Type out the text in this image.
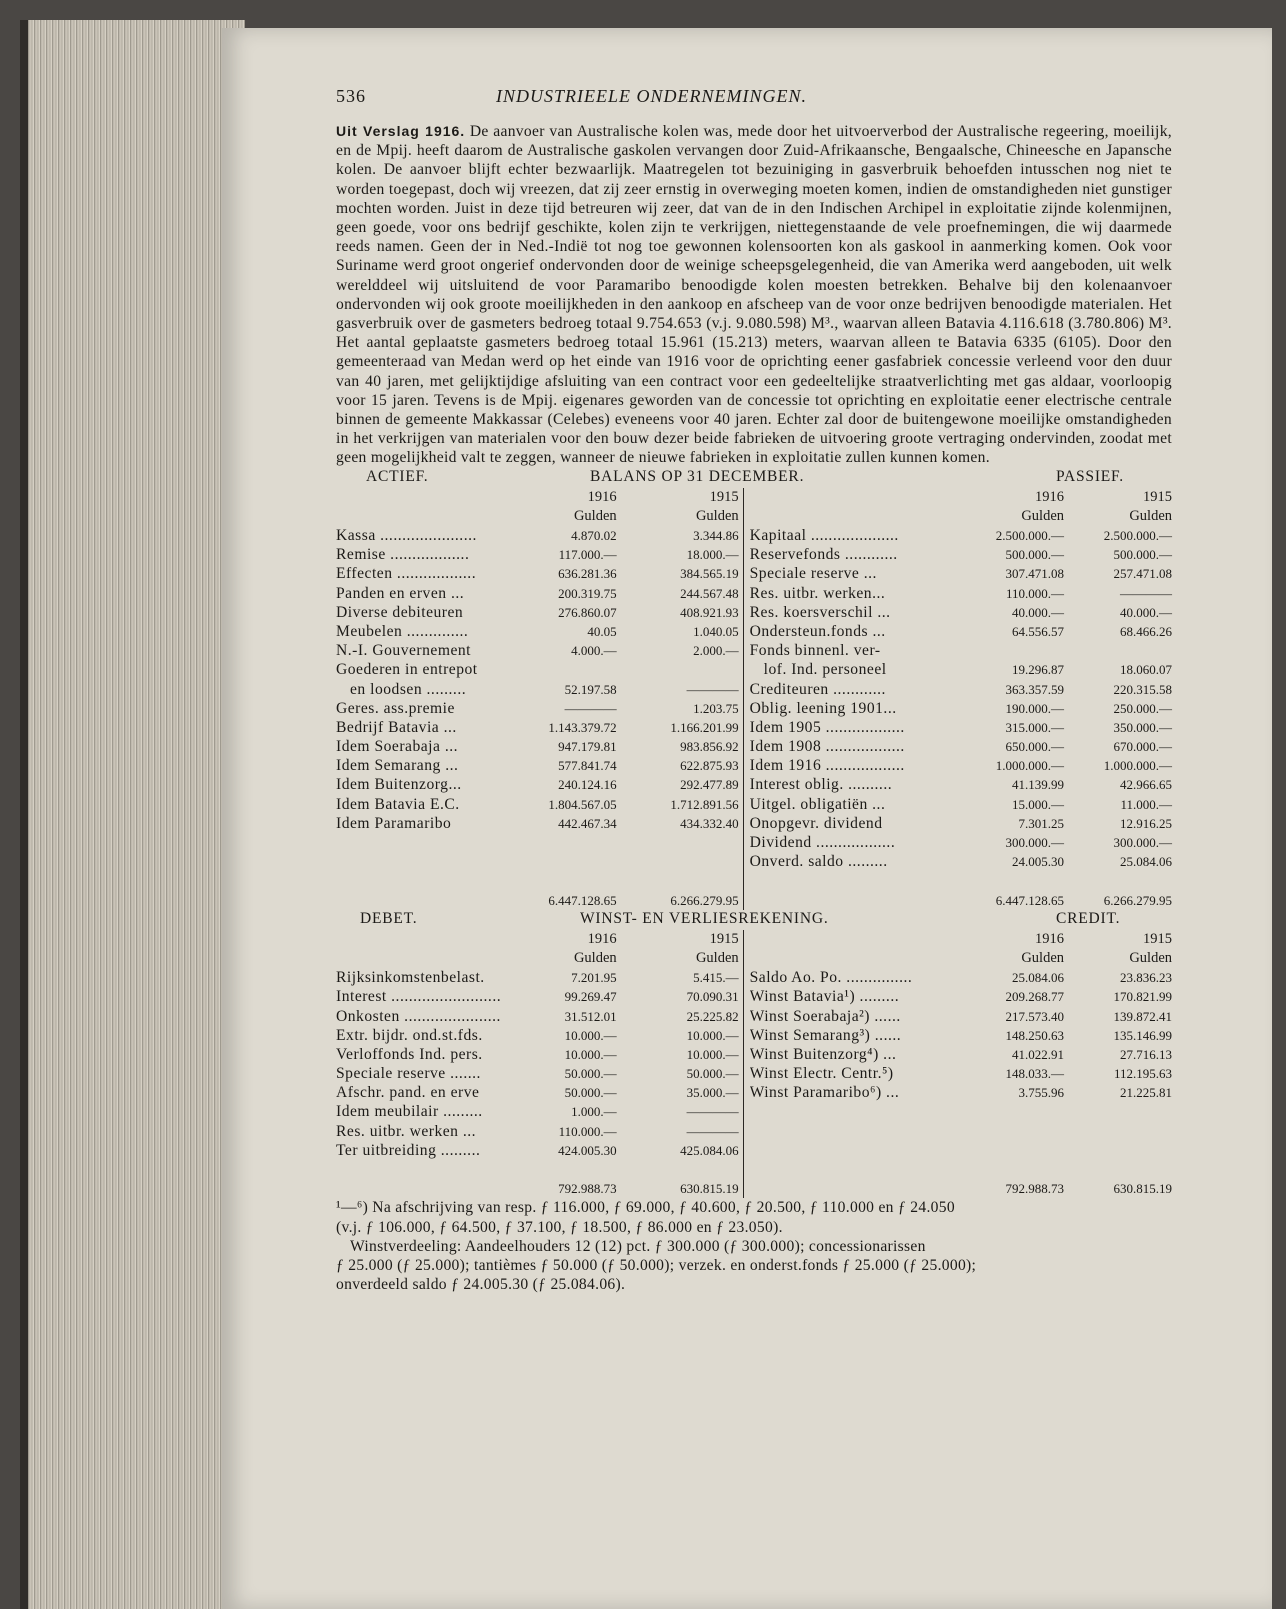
536	INDUSTRIEELE ONDERNEMINGEN.

Uit Verslag 1916. De aanvoer van Australische kolen was, mede door het uitvoerverbod der Australische regeering, moeilijk, en de Mpij. heeft daarom de Australische gaskolen vervangen door Zuid-Afrikaansche, Bengaalsche, Chineesche en Japansche kolen. De aanvoer blijft echter bezwaarlijk. Maatregelen tot bezuiniging in gasverbruik behoefden intusschen nog niet te worden toegepast, doch wij vreezen, dat zij zeer ernstig in overweging moeten komen, indien de omstandigheden niet gunstiger mochten worden. Juist in deze tijd betreuren wij zeer, dat van de in den Indischen Archipel in exploitatie zijnde kolenmijnen, geen goede, voor ons bedrijf geschikte, kolen zijn te verkrijgen, niettegenstaande de vele proefnemingen, die wij daarmede reeds namen. Geen der in Ned.-Indië tot nog toe gewonnen kolensoorten kon als gaskool in aanmerking komen. Ook voor Suriname werd groot ongerief ondervonden door de weinige scheepsgelegenheid, die van Amerika werd aangeboden, uit welk werelddeel wij uitsluitend de voor Paramaribo benoodigde kolen moesten betrekken. Behalve bij den kolenaanvoer ondervonden wij ook groote moeilijkheden in den aankoop en afscheep van de voor onze bedrijven benoodigde materialen. Het gasverbruik over de gasmeters bedroeg totaal 9.754.653 (v.j. 9.080.598) M³., waarvan alleen Batavia 4.116.618 (3.780.806) M³. Het aantal geplaatste gasmeters bedroeg totaal 15.961 (15.213) meters, waarvan alleen te Batavia 6335 (6105). Door den gemeenteraad van Medan werd op het einde van 1916 voor de oprichting eener gasfabriek concessie verleend voor den duur van 40 jaren, met gelijktijdige afsluiting van een contract voor een gedeeltelijke straatverlichting met gas aldaar, voorloopig voor 15 jaren. Tevens is de Mpij. eigenares geworden van de concessie tot oprichting en exploitatie eener electrische centrale binnen de gemeente Makkassar (Celebes) eveneens voor 40 jaren. Echter zal door de buitengewone moeilijke omstandigheden in het verkrijgen van materialen voor den bouw dezer beide fabrieken de uitvoering groote vertraging ondervinden, zoodat met geen mogelijkheid valt te zeggen, wanneer de nieuwe fabrieken in exploitatie zullen kunnen komen.

ACTIEF.	BALANS OP 31 DECEMBER.	PASSIEF.
1916	1915
Gulden	Gulden
Kassa ......................	4.870.02	3.344.86
Remise ..................	117.000.—	18.000.—
Effecten ..................	636.281.36	384.565.19
Panden en erven ...	200.319.75	244.567.48
Diverse debiteuren	276.860.07	408.921.93
Meubelen ..............	40.05	1.040.05
N.-I. Gouvernement	4.000.—	2.000.—
Goederen in entrepot
en loodsen .........	52.197.58	————
Geres. ass.premie	————	1.203.75
Bedrijf Batavia ...	1.143.379.72	1.166.201.99
Idem Soerabaja ...	947.179.81	983.856.92
Idem Semarang ...	577.841.74	622.875.93
Idem Buitenzorg...	240.124.16	292.477.89
Idem Batavia E.C.	1.804.567.05	1.712.891.56
Idem Paramaribo	442.467.34	434.332.40
6.447.128.65	6.266.279.95
1916	1915
Gulden	Gulden
Kapitaal ....................	2.500.000.—	2.500.000.—
Reservefonds ............	500.000.—	500.000.—
Speciale reserve ...	307.471.08	257.471.08
Res. uitbr. werken...	110.000.—	————
Res. koersverschil ...	40.000.—	40.000.—
Ondersteun.fonds ...	64.556.57	68.466.26
Fonds binnenl. ver-
lof. Ind. personeel	19.296.87	18.060.07
Crediteuren ............	363.357.59	220.315.58
Oblig. leening 1901...	190.000.—	250.000.—
Idem 1905 ..................	315.000.—	350.000.—
Idem 1908 ..................	650.000.—	670.000.—
Idem 1916 ..................	1.000.000.—	1.000.000.—
Interest oblig. ..........	41.139.99	42.966.65
Uitgel. obligatiën ...	15.000.—	11.000.—
Onopgevr. dividend	7.301.25	12.916.25
Dividend ..................	300.000.—	300.000.—
Onverd. saldo .........	24.005.30	25.084.06
6.447.128.65	6.266.279.95
DEBET.	WINST- EN VERLIESREKENING.	CREDIT.
1916	1915
Gulden	Gulden
Rijksinkomstenbelast.	7.201.95	5.415.—
Interest .........................	99.269.47	70.090.31
Onkosten ......................	31.512.01	25.225.82
Extr. bijdr. ond.st.fds.	10.000.—	10.000.—
Verloffonds Ind. pers.	10.000.—	10.000.—
Speciale reserve .......	50.000.—	50.000.—
Afschr. pand. en erve	50.000.—	35.000.—
Idem meubilair .........	1.000.—	————
Res. uitbr. werken ...	110.000.—	————
Ter uitbreiding .........	424.005.30	425.084.06
792.988.73	630.815.19
1916	1915
Gulden	Gulden
Saldo Ao. Po. ...............	25.084.06	23.836.23
Winst Batavia¹) .........	209.268.77	170.821.99
Winst Soerabaja²) ......	217.573.40	139.872.41
Winst Semarang³) ......	148.250.63	135.146.99
Winst Buitenzorg⁴) ...	41.022.91	27.716.13
Winst Electr. Centr.⁵)	148.033.—	112.195.63
Winst Paramaribo⁶) ...	3.755.96	21.225.81
792.988.73	630.815.19

¹—⁶) Na afschrijving van resp. ƒ 116.000, ƒ 69.000, ƒ 40.600, ƒ 20.500, ƒ 110.000 en ƒ 24.050

(v.j. ƒ 106.000, ƒ 64.500, ƒ 37.100, ƒ 18.500, ƒ 86.000 en ƒ 23.050).

Winstverdeeling: Aandeelhouders 12 (12) pct. ƒ 300.000 (ƒ 300.000); concessionarissen

ƒ 25.000 (ƒ 25.000); tantièmes ƒ 50.000 (ƒ 50.000); verzek. en onderst.fonds ƒ 25.000 (ƒ 25.000);

onverdeeld saldo ƒ 24.005.30 (ƒ 25.084.06).
